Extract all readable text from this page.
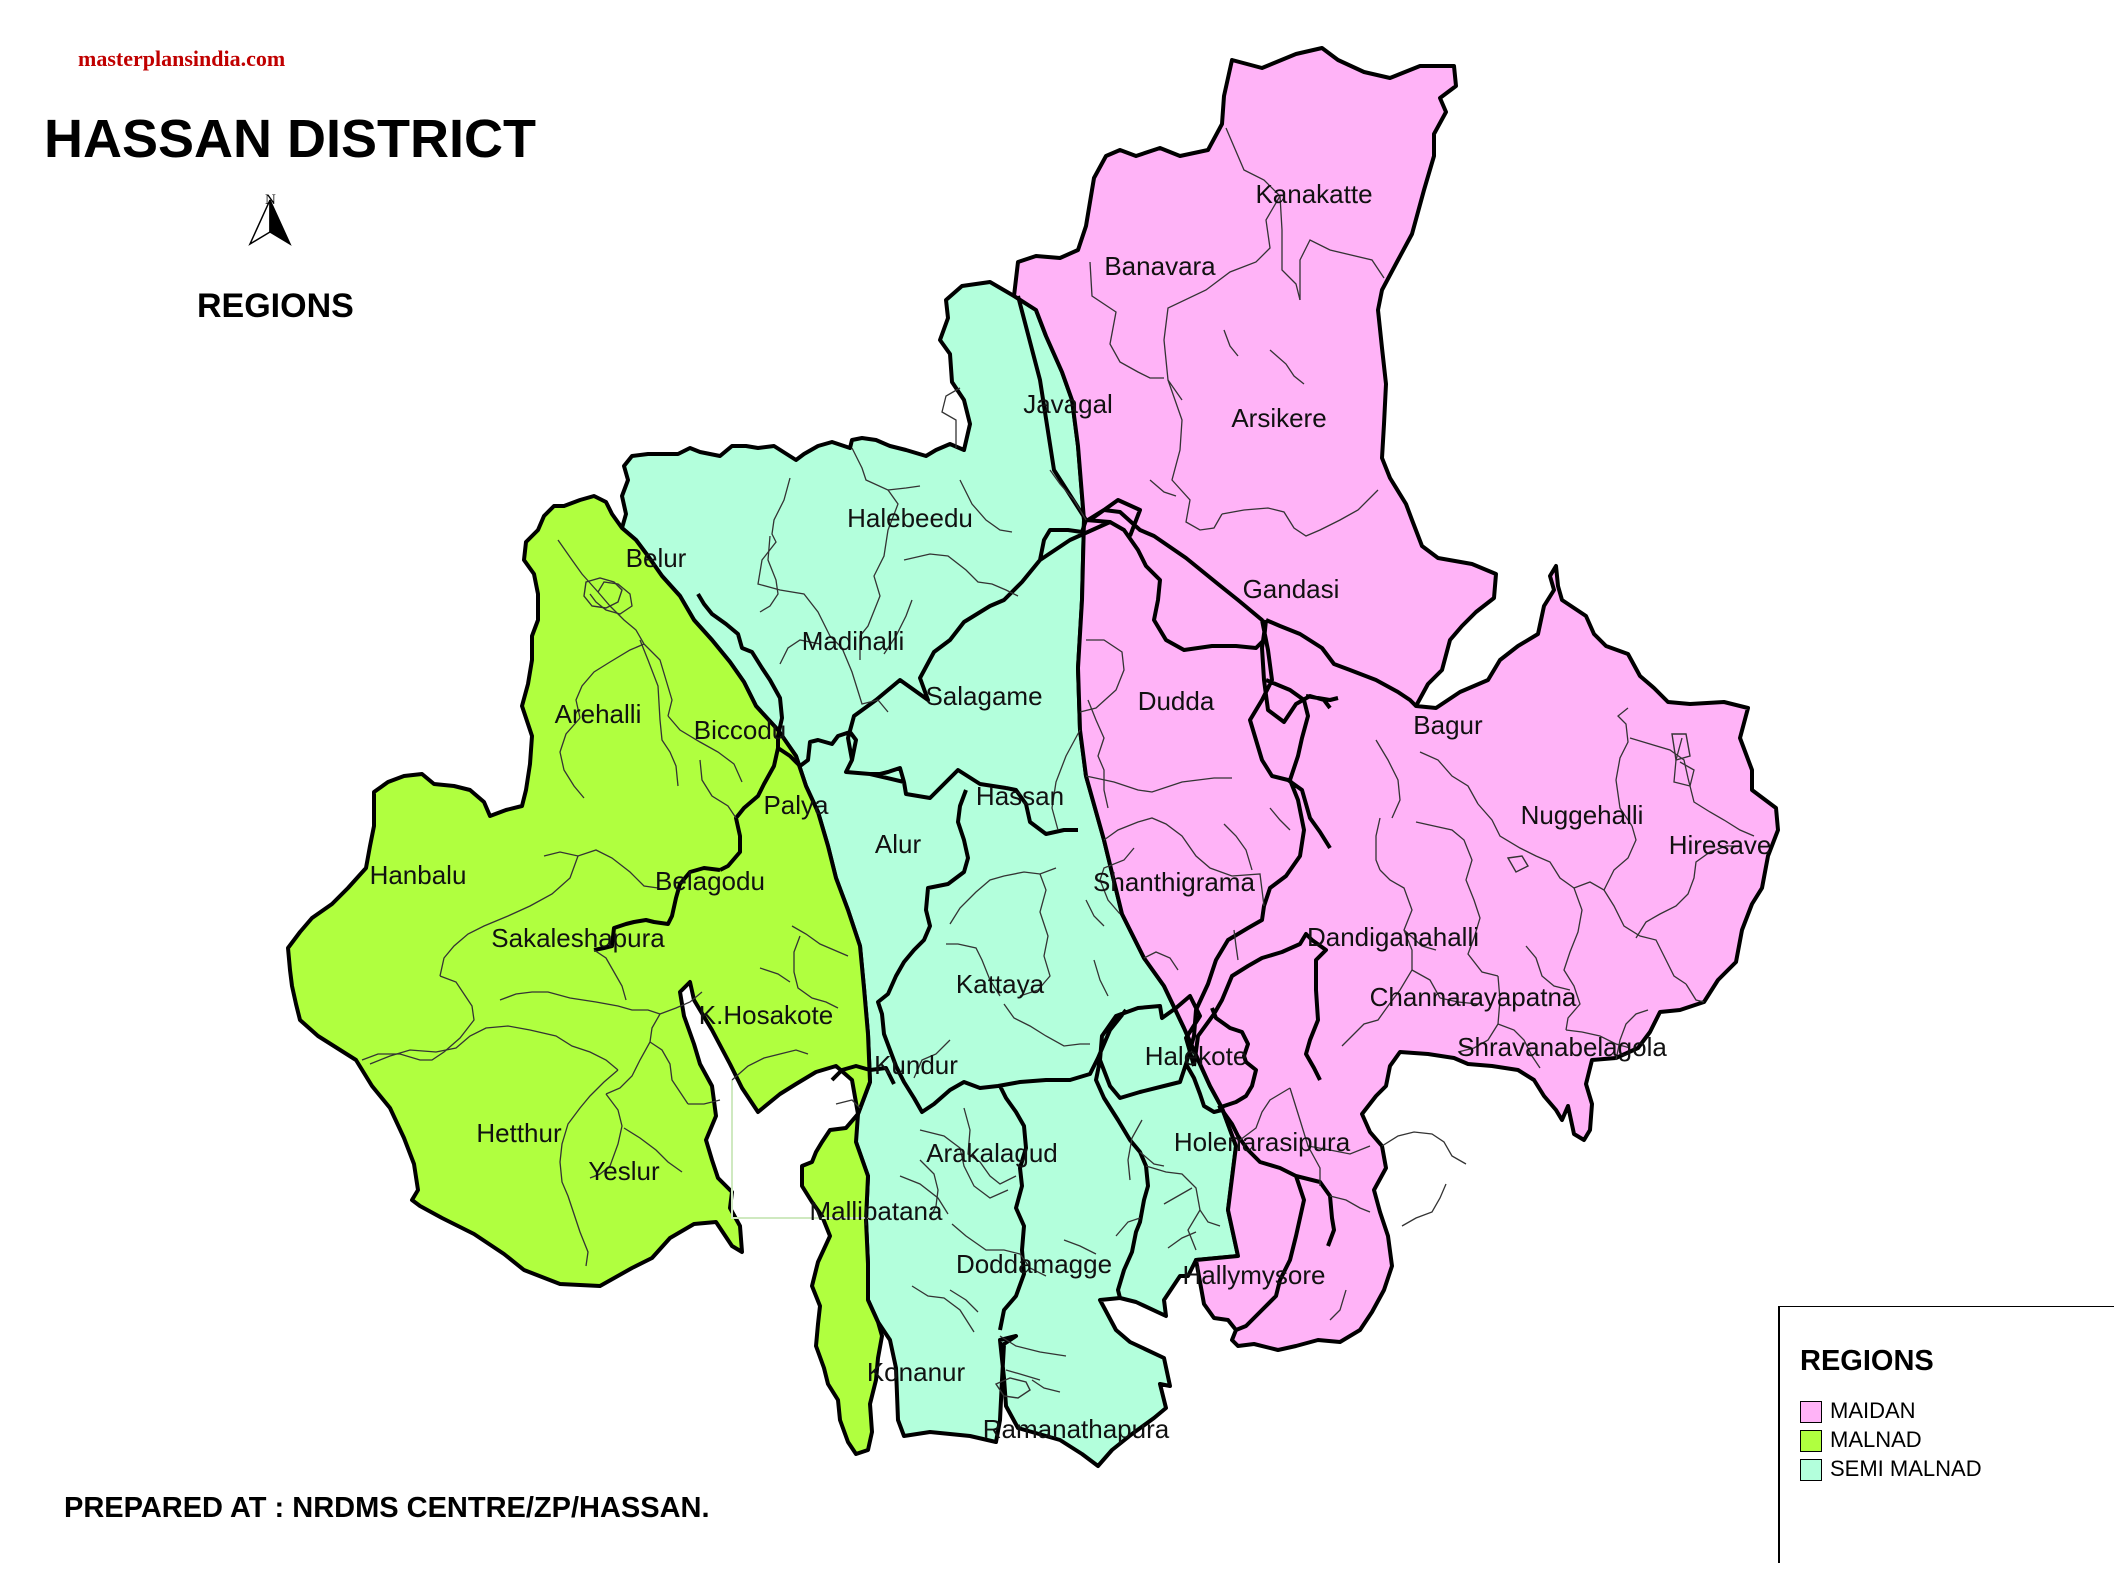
Kanakatte
Banavara
Arsikere
Javagal
Gandasi
Halebeedu
Belur
Madihalli
Salagame	Dudda
Bagur
Nuggehalli
Hiresave
Arehalli
Biccodu
Palya	Hassan
Alur
Hanbalu	Belagodu	Shanthigrama
Sakaleshapura	Dandiganahalli
Kattaya	Channarayapatna
K.Hosakote
Shravanabelagola
Halekote
Kundur
Hetthur
Arakalagud	Holenarasipura
Yeslur
Mallipatana
Doddamagge	Hallymysore
Konanur
Ramanathapura
masterplansindia.com
HASSAN DISTRICT
N
REGIONS
PREPARED AT : NRDMS CENTRE/ZP/HASSAN.
REGIONS
MAIDAN
MALNAD
SEMI MALNAD
